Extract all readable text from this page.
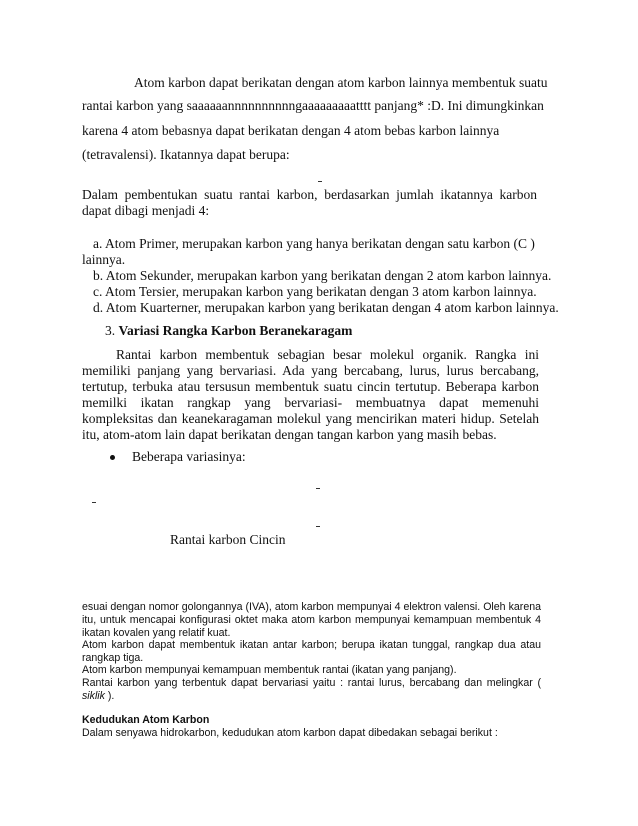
Atom karbon dapat berikatan dengan atom karbon lainnya membentuk suatu
rantai karbon yang saaaaaannnnnnnnnngaaaaaaaaatttt panjang* :D. Ini dimungkinkan
karena 4 atom bebasnya dapat berikatan dengan 4 atom bebas karbon lainnya
(tetravalensi). Ikatannya dapat berupa:
Dalam pembentukan suatu rantai karbon, berdasarkan jumlah ikatannya karbon dapat dibagi menjadi 4:
a. Atom Primer, merupakan karbon yang hanya berikatan dengan satu karbon (C )
lainnya.
b. Atom Sekunder, merupakan karbon yang berikatan dengan 2 atom karbon lainnya.
c. Atom Tersier, merupakan karbon yang berikatan dengan 3 atom karbon lainnya.
d. Atom Kuarterner, merupakan karbon yang berikatan dengan 4 atom karbon lainnya.
3. Variasi Rangka Karbon Beranekaragam
Rantai karbon membentuk sebagian besar molekul organik. Rangka ini memiliki panjang yang bervariasi. Ada yang bercabang, lurus, lurus bercabang, tertutup, terbuka atau tersusun membentuk suatu cincin tertutup. Beberapa karbon memilki ikatan rangkap yang bervariasi- membuatnya dapat memenuhi kompleksitas dan keanekaragaman molekul yang mencirikan materi hidup. Setelah itu, atom-atom lain dapat berikatan dengan tangan karbon yang masih bebas.
Beberapa variasinya:
Rantai karbon Cincin
esuai dengan nomor golongannya (IVA), atom karbon mempunyai 4 elektron valensi. Oleh karena itu, untuk mencapai konfigurasi oktet maka atom karbon mempunyai kemampuan membentuk 4 ikatan kovalen yang relatif kuat.
Atom karbon dapat membentuk ikatan antar karbon; berupa ikatan tunggal, rangkap dua atau rangkap tiga.
Atom karbon mempunyai kemampuan membentuk rantai (ikatan yang panjang).
Rantai karbon yang terbentuk dapat bervariasi yaitu : rantai lurus, bercabang dan melingkar ( siklik ).
Kedudukan Atom Karbon
Dalam senyawa hidrokarbon, kedudukan atom karbon dapat dibedakan sebagai berikut :
